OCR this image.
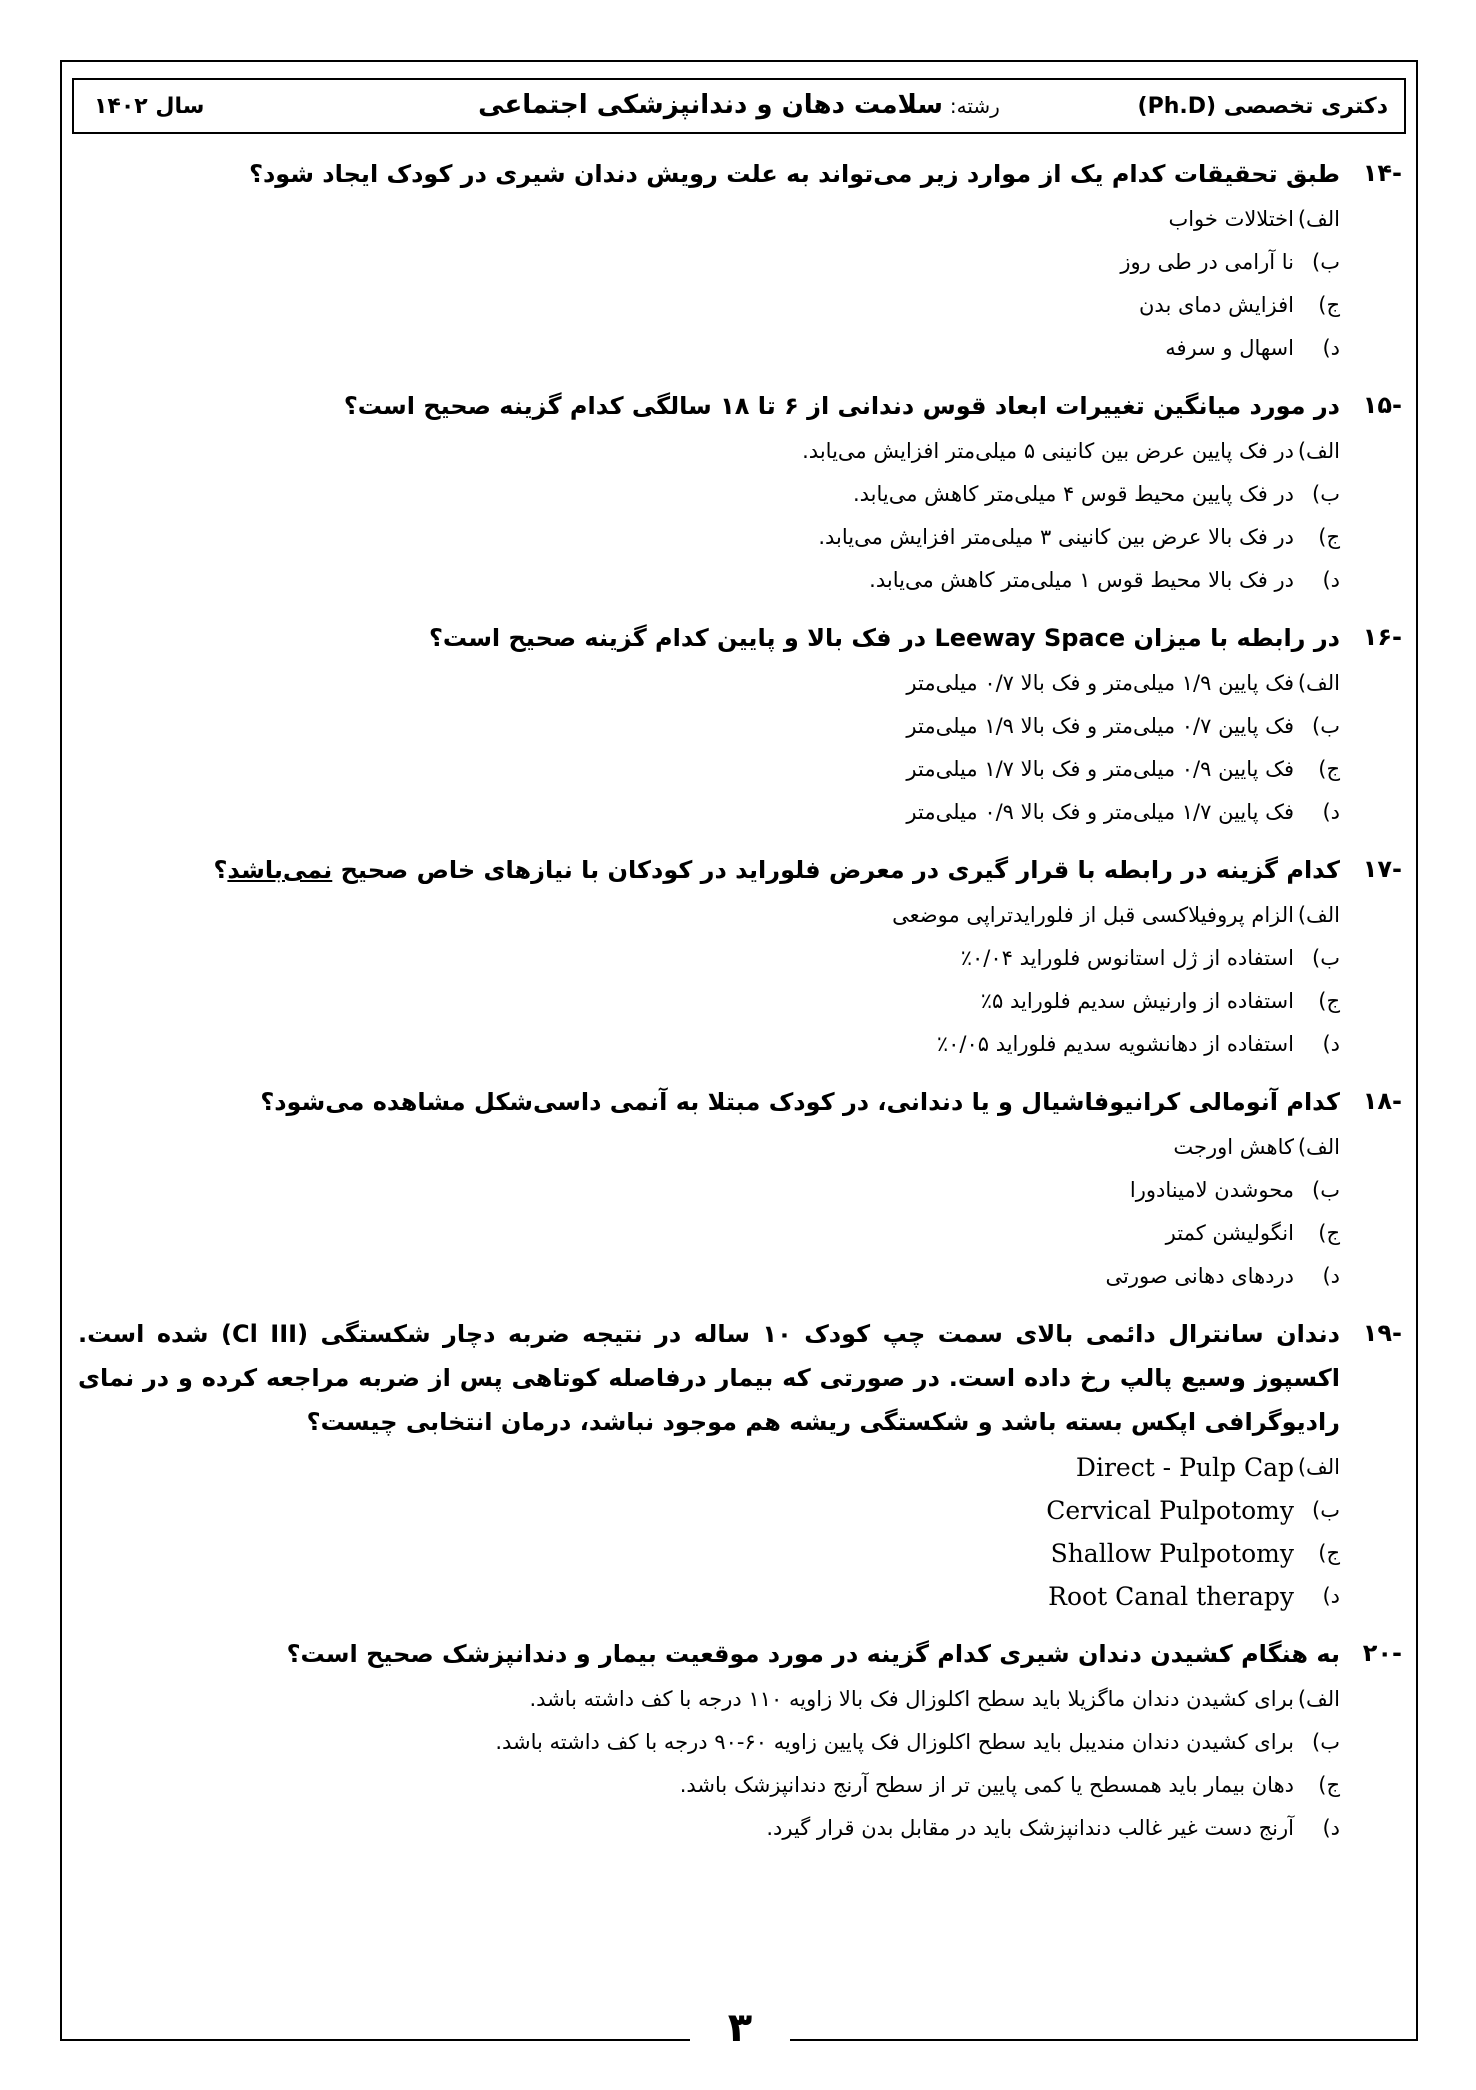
دکتری تخصصی (Ph.D)
رشته: سلامت دهان و دندانپزشکی اجتماعی
سال ۱۴۰۲
-۱۴
طبق تحقیقات کدام یک از موارد زیر می‌تواند به علت رویش دندان شیری در کودک ایجاد شود؟
الف)
اختلالات خواب
ب)
نا آرامی در طی روز
ج)
افزایش دمای بدن
د)
اسهال و سرفه
-۱۵
در مورد میانگین تغییرات ابعاد قوس دندانی از ۶ تا ۱۸ سالگی کدام گزینه صحیح است؟
الف)
در فک پایین عرض بین کانینی ۵ میلی‌متر افزایش می‌یابد.
ب)
در فک پایین محیط قوس ۴ میلی‌متر کاهش می‌یابد.
ج)
در فک بالا عرض بین کانینی ۳ میلی‌متر افزایش می‌یابد.
د)
در فک بالا محیط قوس ۱ میلی‌متر کاهش می‌یابد.
-۱۶
در رابطه با میزان Leeway Space در فک بالا و پایین کدام گزینه صحیح است؟
الف)
فک پایین ۱/۹ میلی‌متر و فک بالا ۰/۷ میلی‌متر
ب)
فک پایین ۰/۷ میلی‌متر و فک بالا ۱/۹ میلی‌متر
ج)
فک پایین ۰/۹ میلی‌متر و فک بالا ۱/۷ میلی‌متر
د)
فک پایین ۱/۷ میلی‌متر و فک بالا ۰/۹ میلی‌متر
-۱۷
کدام گزینه در رابطه با قرار گیری در معرض فلوراید در کودکان با نیازهای خاص صحیح نمی‌باشد؟
الف)
الزام پروفیلاکسی قبل از فلورایدتراپی موضعی
ب)
استفاده از ژل استانوس فلوراید ۰/۰۴٪
ج)
استفاده از وارنیش سدیم فلوراید ۵٪
د)
استفاده از دهانشویه سدیم فلوراید ۰/۰۵٪
-۱۸
کدام آنومالی کرانیوفاشیال و یا دندانی، در کودک مبتلا به آنمی داسی‌شکل مشاهده می‌شود؟
الف)
کاهش اورجت
ب)
محوشدن لامینادورا
ج)
انگولیشن کمتر
د)
دردهای دهانی صورتی
-۱۹
دندان سانترال دائمی بالای سمت چپ کودک ۱۰ ساله در نتیجه ضربه دچار شکستگی (Cl III) شده است. اکسپوز وسیع پالپ رخ داده است. در صورتی که بیمار درفاصله کوتاهی پس از ضربه مراجعه کرده و در نمای رادیوگرافی اپکس بسته باشد و شکستگی ریشه هم موجود نباشد، درمان انتخابی چیست؟
الف)
Direct - Pulp Cap
ب)
Cervical Pulpotomy
ج)
Shallow Pulpotomy
د)
Root Canal therapy
-۲۰
به هنگام کشیدن دندان شیری کدام گزینه در مورد موقعیت بیمار و دندانپزشک صحیح است؟
الف)
برای کشیدن دندان ماگزیلا باید سطح اکلوزال فک بالا زاویه ۱۱۰ درجه با کف داشته باشد.
ب)
برای کشیدن دندان مندیبل باید سطح اکلوزال فک پایین زاویه ۶۰-۹۰ درجه با کف داشته باشد.
ج)
دهان بیمار باید همسطح یا کمی پایین تر از سطح آرنج دندانپزشک باشد.
د)
آرنج دست غیر غالب دندانپزشک باید در مقابل بدن قرار گیرد.
۳
